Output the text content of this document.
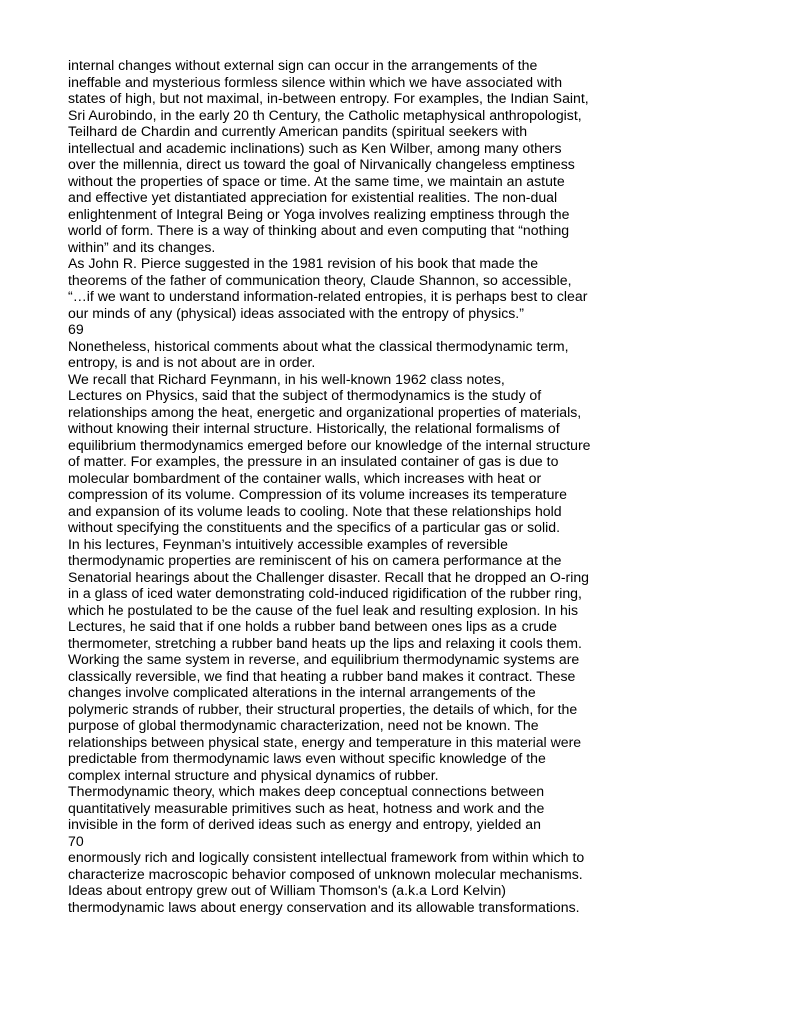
internal changes without external sign can occur in the arrangements of the
ineffable and mysterious formless silence within which we have associated with
states of high, but not maximal, in-between entropy. For examples, the Indian Saint,
Sri Aurobindo, in the early 20 th Century, the Catholic metaphysical anthropologist,
Teilhard de Chardin and currently American pandits (spiritual seekers with
intellectual and academic inclinations) such as Ken Wilber, among many others
over the millennia, direct us toward the goal of Nirvanically changeless emptiness
without the properties of space or time. At the same time, we maintain an astute
and effective yet distantiated appreciation for existential realities. The non-dual
enlightenment of Integral Being or Yoga involves realizing emptiness through the
world of form. There is a way of thinking about and even computing that “nothing
within” and its changes.
As John R. Pierce suggested in the 1981 revision of his book that made the
theorems of the father of communication theory, Claude Shannon, so accessible,
“…if we want to understand information-related entropies, it is perhaps best to clear
our minds of any (physical) ideas associated with the entropy of physics.”
69
Nonetheless, historical comments about what the classical thermodynamic term,
entropy, is and is not about are in order.
We recall that Richard Feynmann, in his well-known 1962 class notes,
Lectures on Physics, said that the subject of thermodynamics is the study of
relationships among the heat, energetic and organizational properties of materials,
without knowing their internal structure. Historically, the relational formalisms of
equilibrium thermodynamics emerged before our knowledge of the internal structure
of matter. For examples, the pressure in an insulated container of gas is due to
molecular bombardment of the container walls, which increases with heat or
compression of its volume. Compression of its volume increases its temperature
and expansion of its volume leads to cooling. Note that these relationships hold
without specifying the constituents and the specifics of a particular gas or solid.
In his lectures, Feynman’s intuitively accessible examples of reversible
thermodynamic properties are reminiscent of his on camera performance at the
Senatorial hearings about the Challenger disaster. Recall that he dropped an O-ring
in a glass of iced water demonstrating cold-induced rigidification of the rubber ring,
which he postulated to be the cause of the fuel leak and resulting explosion. In his
Lectures, he said that if one holds a rubber band between ones lips as a crude
thermometer, stretching a rubber band heats up the lips and relaxing it cools them.
Working the same system in reverse, and equilibrium thermodynamic systems are
classically reversible, we find that heating a rubber band makes it contract. These
changes involve complicated alterations in the internal arrangements of the
polymeric strands of rubber, their structural properties, the details of which, for the
purpose of global thermodynamic characterization, need not be known. The
relationships between physical state, energy and temperature in this material were
predictable from thermodynamic laws even without specific knowledge of the
complex internal structure and physical dynamics of rubber.
Thermodynamic theory, which makes deep conceptual connections between
quantitatively measurable primitives such as heat, hotness and work and the
invisible in the form of derived ideas such as energy and entropy, yielded an
70
enormously rich and logically consistent intellectual framework from within which to
characterize macroscopic behavior composed of unknown molecular mechanisms.
Ideas about entropy grew out of William Thomson's (a.k.a Lord Kelvin)
thermodynamic laws about energy conservation and its allowable transformations.
